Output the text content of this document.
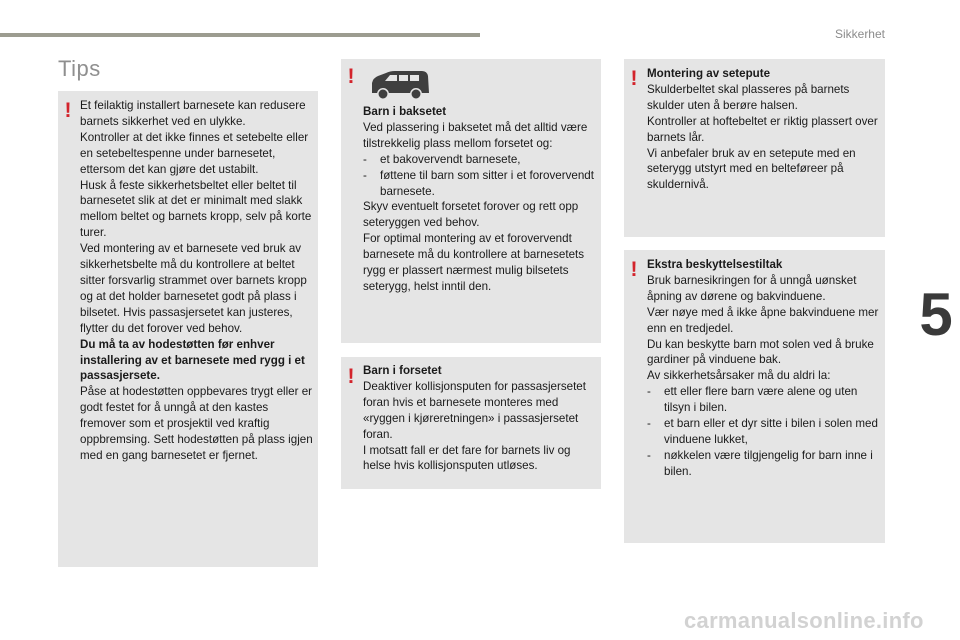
Sikkerhet
Tips
5
! Et feilaktig installert barnesete kan redusere barnets sikkerhet ved en ulykke.

Kontroller at det ikke finnes et setebelte eller en setebeltespenne under barnesetet, ettersom det kan gjøre det ustabilt.

Husk å feste sikkerhetsbeltet eller beltet til barnesetet slik at det er minimalt med slakk mellom beltet og barnets kropp, selv på korte turer.

Ved montering av et barnesete ved bruk av sikkerhetsbelte må du kontrollere at beltet sitter forsvarlig strammet over barnets kropp og at det holder barnesetet godt på plass i bilsetet. Hvis passasjersetet kan justeres, flytter du det forover ved behov.

Du må ta av hodestøtten før enhver installering av et barnesete med rygg i et passasjersete.

Påse at hodestøtten oppbevares trygt eller er godt festet for å unngå at den kastes fremover som et prosjektil ved kraftig oppbremsing. Sett hodestøtten på plass igjen med en gang barnesetet er fjernet.

!

Barn i baksetet

Ved plassering i baksetet må det alltid være tilstrekkelig plass mellom forsetet og:

-	et bakovervendt barnesete,
-	føttene til barn som sitter i et forovervendt barnesete.

Skyv eventuelt forsetet forover og rett opp seteryggen ved behov.

For optimal montering av et forovervendt barnesete må du kontrollere at barnesetets rygg er plassert nærmest mulig bilsetets seterygg, helst inntil den.

! Barn i forsetet

Deaktiver kollisjonsputen for passasjersetet foran hvis et barnesete monteres med «ryggen i kjøreretningen» i passasjersetet foran.

I motsatt fall er det fare for barnets liv og helse hvis kollisjonsputen utløses.

! Montering av setepute

Skulderbeltet skal plasseres på barnets skulder uten å berøre halsen.

Kontroller at hoftebeltet er riktig plassert over barnets lår.

Vi anbefaler bruk av en setepute med en seterygg utstyrt med en belteføreer på skuldernivå.

! Ekstra beskyttelsestiltak

Bruk barnesikringen for å unngå uønsket åpning av dørene og bakvinduene.

Vær nøye med å ikke åpne bakvinduene mer enn en tredjedel.

Du kan beskytte barn mot solen ved å bruke gardiner på vinduene bak.

Av sikkerhetsårsaker må du aldri la:

-	ett eller flere barn være alene og uten tilsyn i bilen.
-	et barn eller et dyr sitte i bilen i solen med vinduene lukket,
-	nøkkelen være tilgjengelig for barn inne i bilen.
carmanualsonline.info
